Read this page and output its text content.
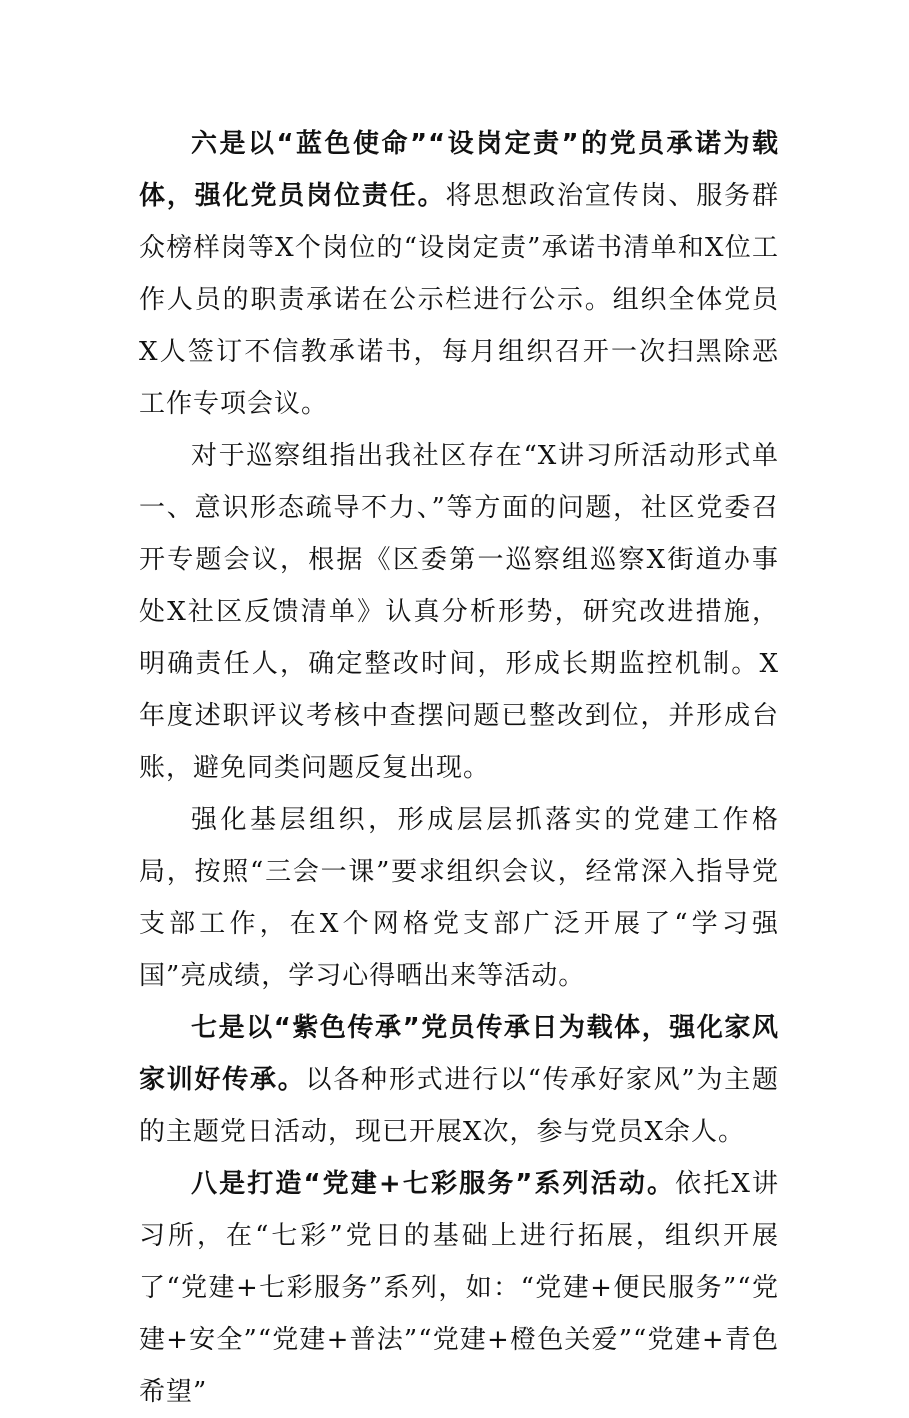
六是以“蓝色使命”“设岗定责”的党员承诺为载体，强化党员岗位责任。将思想政治宣传岗、服务群众榜样岗等X个岗位的“设岗定责”承诺书清单和X位工作人员的职责承诺在公示栏进行公示。组织全体党员 X人签订不信教承诺书，每月组织召开一次扫黑除恶工作专项会议。

对于巡察组指出我社区存在“X讲习所活动形式单一、意识形态疏导不力、”等方面的问题，社区党委召开专题会议，根据《区委第一巡察组巡察X街道办事处X社区反馈清单》认真分析形势，研究改进措施，明确责任人，确定整改时间，形成长期监控机制。X年度述职评议考核中查摆问题已整改到位，并形成台账，避免同类问题反复出现。

强化基层组织，形成层层抓落实的党建工作格局，按照“三会一课”要求组织会议，经常深入指导党支部工作，在X个网格党支部广泛开展了“学习强国”亮成绩，学习心得晒出来等活动。

七是以“紫色传承”党员传承日为载体，强化家风家训好传承。以各种形式进行以“传承好家风”为主题的主题党日活动，现已开展X次，参与党员X余人。

八是打造“党建+七彩服务”系列活动。依托X讲习所，在“七彩”党日的基础上进行拓展，组织开展了“党建+七彩服务”系列，如：“党建+便民服务”“党建+安全”“党建+普法”“党建+橙色关爱”“党建+青色希望”
